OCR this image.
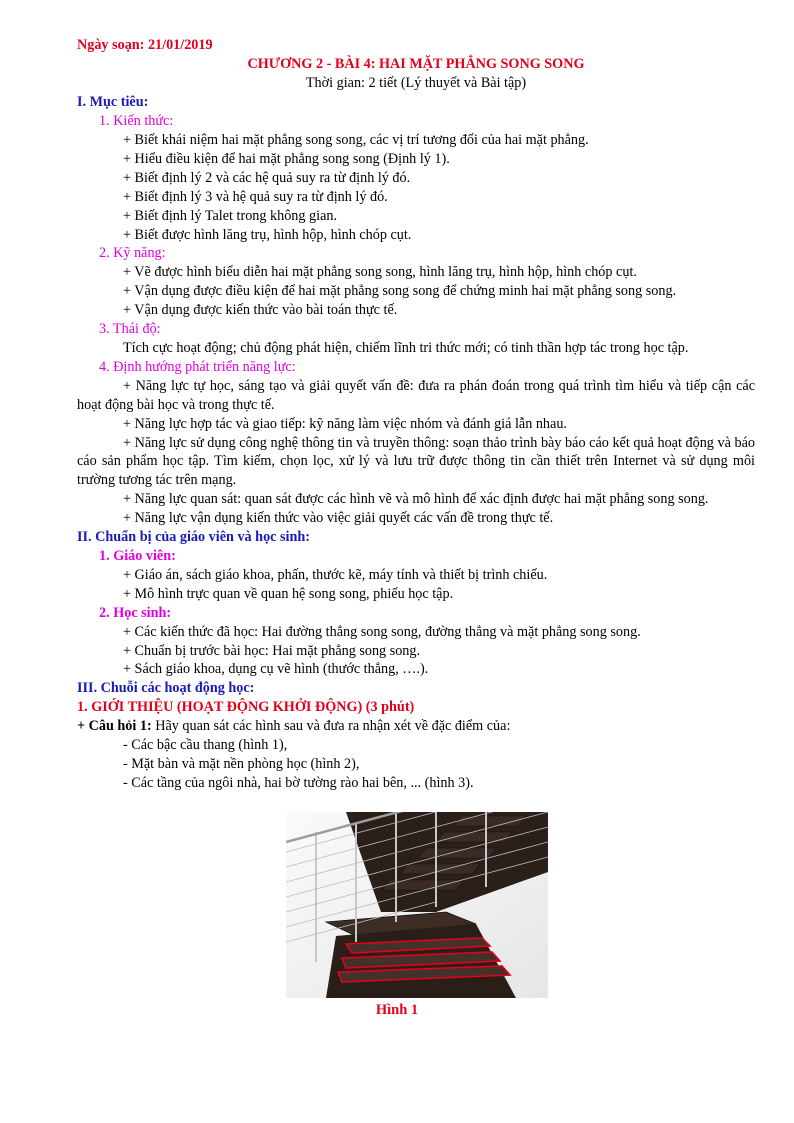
Ngày soạn: 21/01/2019
CHƯƠNG 2 - BÀI 4: HAI MẶT PHẲNG SONG SONG
Thời gian: 2 tiết (Lý thuyết và Bài tập)
I. Mục tiêu:
1. Kiến thức:
+ Biết khái niệm hai mặt phẳng song song, các vị trí tương đối của hai mặt phẳng.
+ Hiểu điều kiện để hai mặt phẳng song song (Định lý 1).
+ Biết định lý 2 và các hệ quả suy ra từ định lý đó.
+ Biết định lý 3 và hệ quả suy ra từ định lý đó.
+ Biết định lý Talet trong không gian.
+ Biết được hình lăng trụ, hình hộp, hình chóp cụt.
2. Kỹ năng:
+ Vẽ được hình biểu diễn hai mặt phẳng song song, hình lăng trụ, hình hộp, hình chóp cụt.
+ Vận dụng được điều kiện để hai mặt phẳng song song để chứng minh hai mặt phẳng song song.
+ Vận dụng được kiến thức vào bài toán thực tế.
3. Thái độ:
Tích cực hoạt động; chủ động phát hiện, chiếm lĩnh tri thức mới; có tinh thần hợp tác trong học tập.
4. Định hướng phát triển năng lực:
+ Năng lực tự học, sáng tạo và giải quyết vấn đề: đưa ra phán đoán trong quá trình tìm hiểu và tiếp cận các hoạt động bài học và trong thực tế.
+ Năng lực hợp tác và giao tiếp: kỹ năng làm việc nhóm và đánh giá lẫn nhau.
+ Năng lực sử dụng công nghệ thông tin và truyền thông: soạn thảo trình bày báo cáo kết quả hoạt động và báo cáo sản phẩm học tập. Tìm kiếm, chọn lọc, xử lý và lưu trữ được thông tin cần thiết trên Internet và sử dụng môi trường tương tác trên mạng.
+ Năng lực quan sát: quan sát được các hình vẽ và mô hình để xác định được hai mặt phẳng song song.
+ Năng lực vận dụng kiến thức vào việc giải quyết các vấn đề trong thực tế.
II. Chuẩn bị của giáo viên và học sinh:
1. Giáo viên:
+ Giáo án, sách giáo khoa, phấn, thước kẽ, máy tính và thiết bị trình chiếu.
+ Mô hình trực quan về quan hệ song song, phiếu học tập.
2. Học sinh:
+ Các kiến thức đã học: Hai đường thẳng song song, đường thẳng và mặt phẳng song song.
+ Chuẩn bị trước bài học: Hai mặt phẳng song song.
+ Sách giáo khoa, dụng cụ vẽ hình (thước thẳng, ….).
III. Chuỗi các hoạt động học:
1. GIỚI THIỆU (HOẠT ĐỘNG KHỞI ĐỘNG) (3 phút)
+ Câu hỏi 1: Hãy quan sát các hình sau và đưa ra nhận xét về đặc điểm của:
- Các bậc cầu thang (hình 1),
- Mặt bàn và mặt nền phòng học (hình 2),
- Các tầng của ngôi nhà, hai bờ tường rào hai bên, ... (hình 3).
Hình 1
